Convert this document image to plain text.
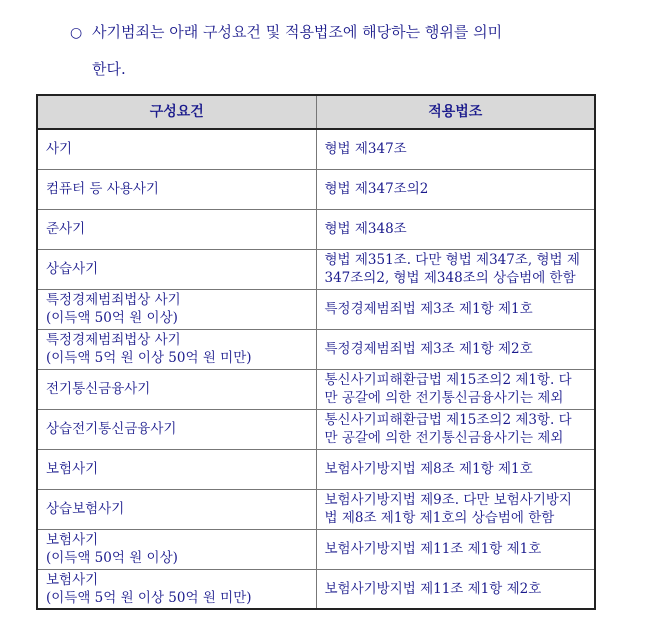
○ 사기범죄는 아래 구성요건 및 적용법조에 해당하는 행위를 의미
한다.
구성요건	적용법조

사기	형법 제347조

컴퓨터 등 사용사기	형법 제347조의2

준사기	형법 제348조

상습사기	형법 제351조. 다만 형법 제347조, 형법 제
347조의2, 형법 제348조의 상습범에 한함

특정경제범죄법상 사기
(이득액 50억 원 이상)	특정경제범죄법 제3조 제1항 제1호

특정경제범죄법상 사기
(이득액 5억 원 이상 50억 원 미만)	특정경제범죄법 제3조 제1항 제2호

전기통신금융사기	통신사기피해환급법 제15조의2 제1항. 다
만 공갈에 의한 전기통신금융사기는 제외

상습전기통신금융사기	통신사기피해환급법 제15조의2 제3항. 다
만 공갈에 의한 전기통신금융사기는 제외

보험사기	보험사기방지법 제8조 제1항 제1호

상습보험사기	보험사기방지법 제9조. 다만 보험사기방지
법 제8조 제1항 제1호의 상습범에 한함

보험사기
(이득액 50억 원 이상)	보험사기방지법 제11조 제1항 제1호

보험사기
(이득액 5억 원 이상 50억 원 미만)	보험사기방지법 제11조 제1항 제2호
